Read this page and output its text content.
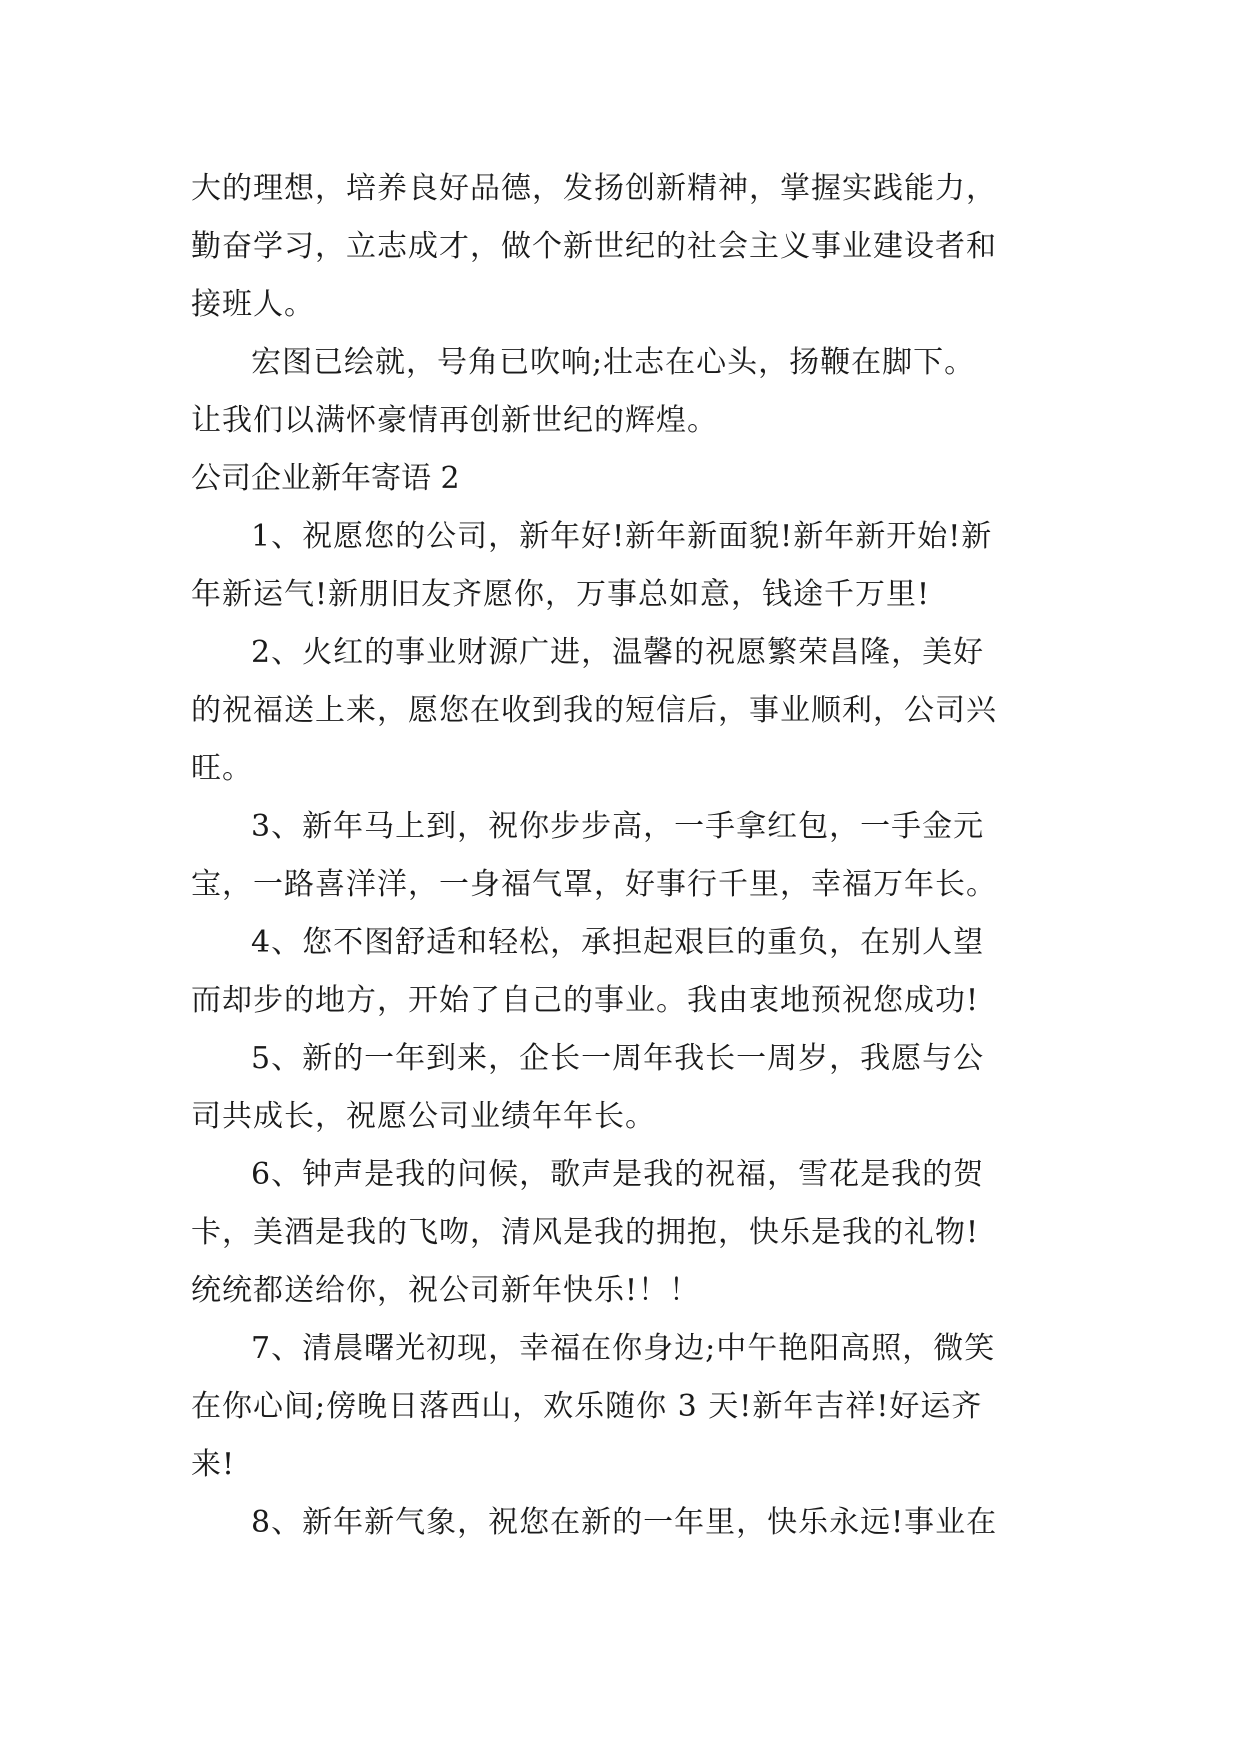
大的理想，培养良好品德，发扬创新精神，掌握实践能力，
勤奋学习，立志成才，做个新世纪的社会主义事业建设者和
接班人。
宏图已绘就，号角已吹响;壮志在心头，扬鞭在脚下。
让我们以满怀豪情再创新世纪的辉煌。
公司企业新年寄语 2
1、祝愿您的公司，新年好!新年新面貌!新年新开始!新
年新运气!新朋旧友齐愿你，万事总如意，钱途千万里!
2、火红的事业财源广进，温馨的祝愿繁荣昌隆，美好
的祝福送上来，愿您在收到我的短信后，事业顺利，公司兴
旺。
3、新年马上到，祝你步步高，一手拿红包，一手金元
宝，一路喜洋洋，一身福气罩，好事行千里，幸福万年长。
4、您不图舒适和轻松，承担起艰巨的重负，在别人望
而却步的地方，开始了自己的事业。我由衷地预祝您成功!
5、新的一年到来，企长一周年我长一周岁，我愿与公
司共成长，祝愿公司业绩年年长。
6、钟声是我的问候，歌声是我的祝福，雪花是我的贺
卡，美酒是我的飞吻，清风是我的拥抱，快乐是我的礼物!
统统都送给你，祝公司新年快乐!！！
7、清晨曙光初现，幸福在你身边;中午艳阳高照，微笑
在你心间;傍晚日落西山，欢乐随你 3 天!新年吉祥!好运齐
来!
8、新年新气象，祝您在新的一年里，快乐永远!事业在
